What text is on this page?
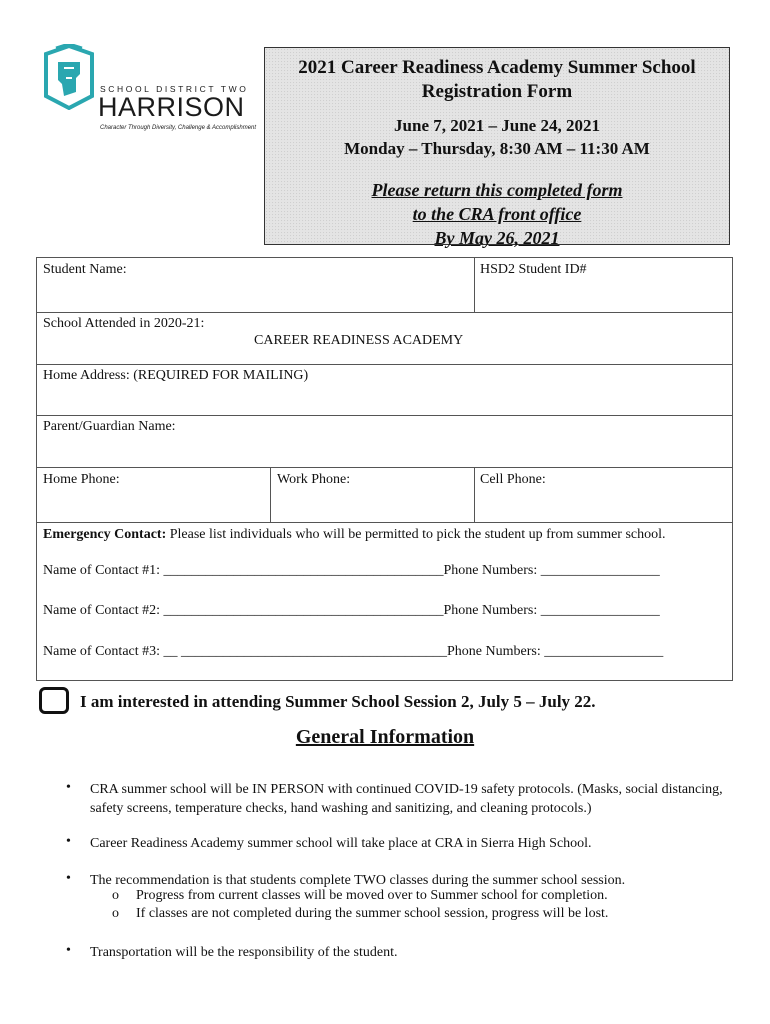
SCHOOL DISTRICT TWO
HARRISON
Character Through Diversity, Challenge & Accomplishment
2021 Career Readiness Academy Summer School
Registration Form
June 7, 2021 – June 24, 2021
Monday – Thursday, 8:30 AM – 11:30 AM
Please return this completed form
to the CRA front office
By May 26, 2021
Student Name:	HSD2 Student ID#
School Attended in 2020-21:
CAREER READINESS ACADEMY
Home Address: (REQUIRED FOR MAILING)
Parent/Guardian Name:
Home Phone:	Work Phone:	Cell Phone:
Emergency Contact: Please list individuals who will be permitted to pick the student up from summer school.
Name of Contact #1: ________________________________________Phone Numbers: _________________
Name of Contact #2: ________________________________________Phone Numbers: _________________
Name of Contact #3: __ ______________________________________Phone Numbers: _________________
I am interested in attending Summer School Session 2, July 5 – July 22.
General Information
• CRA summer school will be IN PERSON with continued COVID-19 safety protocols. (Masks, social distancing, safety screens, temperature checks, hand washing and sanitizing, and cleaning protocols.)
• Career Readiness Academy summer school will take place at CRA in Sierra High School.
• The recommendation is that students complete TWO classes during the summer school session.
o Progress from current classes will be moved over to Summer school for completion.
o If classes are not completed during the summer school session, progress will be lost.
• Transportation will be the responsibility of the student.
